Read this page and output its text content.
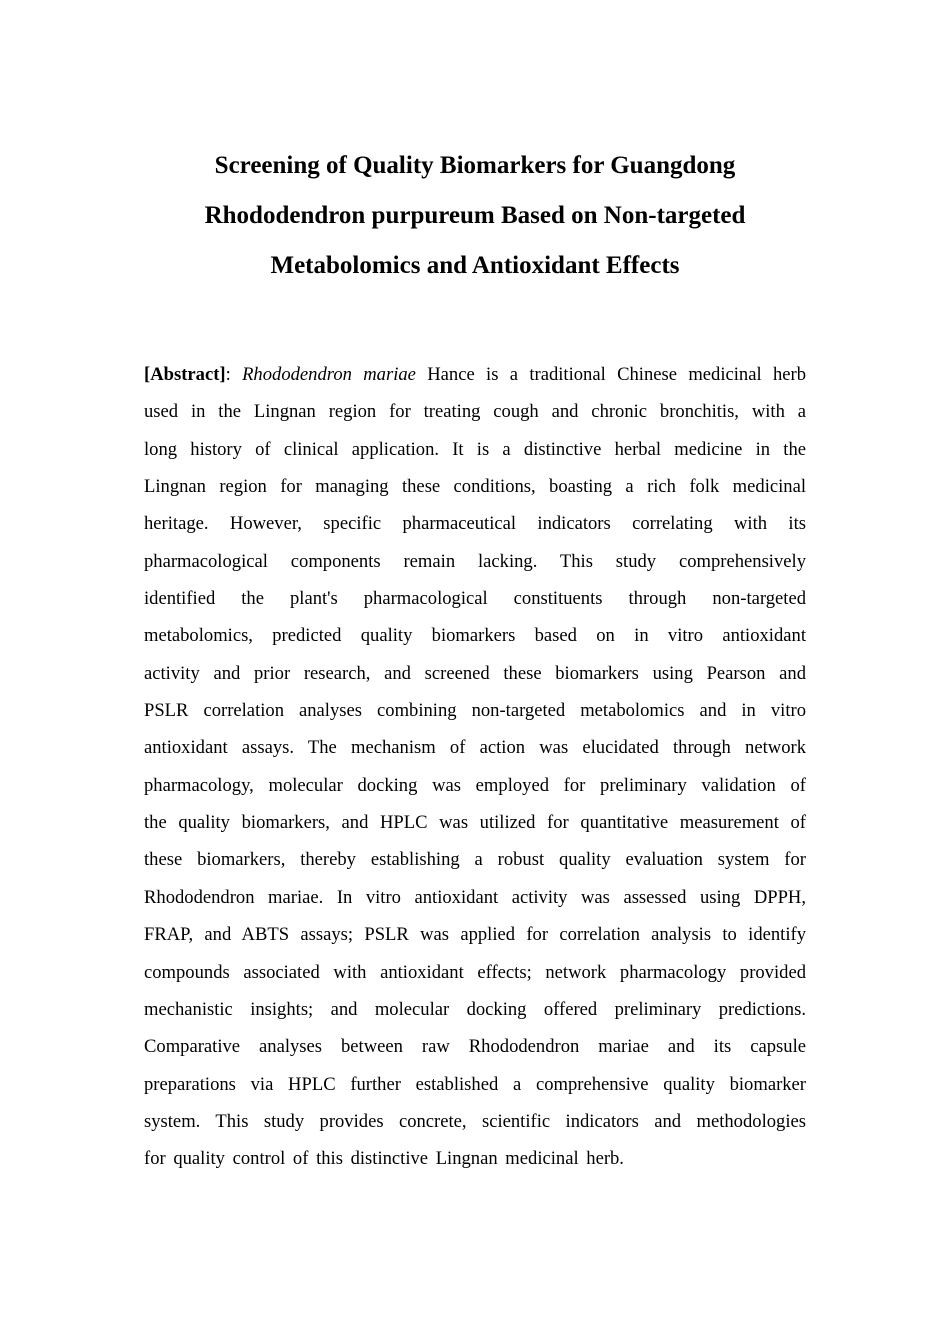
Screening of Quality Biomarkers for Guangdong
Rhododendron purpureum Based on Non-targeted
Metabolomics and Antioxidant Effects
[Abstract]: Rhododendron mariae Hance is a traditional Chinese medicinal herb
used in the Lingnan region for treating cough and chronic bronchitis, with a
long history of clinical application. It is a distinctive herbal medicine in the
Lingnan region for managing these conditions, boasting a rich folk medicinal
heritage. However, specific pharmaceutical indicators correlating with its
pharmacological components remain lacking. This study comprehensively
identified the plant's pharmacological constituents through non-targeted
metabolomics, predicted quality biomarkers based on in vitro antioxidant
activity and prior research, and screened these biomarkers using Pearson and
PSLR correlation analyses combining non-targeted metabolomics and in vitro
antioxidant assays. The mechanism of action was elucidated through network
pharmacology, molecular docking was employed for preliminary validation of
the quality biomarkers, and HPLC was utilized for quantitative measurement of
these biomarkers, thereby establishing a robust quality evaluation system for
Rhododendron mariae. In vitro antioxidant activity was assessed using DPPH,
FRAP, and ABTS assays; PSLR was applied for correlation analysis to identify
compounds associated with antioxidant effects; network pharmacology provided
mechanistic insights; and molecular docking offered preliminary predictions.
Comparative analyses between raw Rhododendron mariae and its capsule
preparations via HPLC further established a comprehensive quality biomarker
system. This study provides concrete, scientific indicators and methodologies
for quality control of this distinctive Lingnan medicinal herb.
